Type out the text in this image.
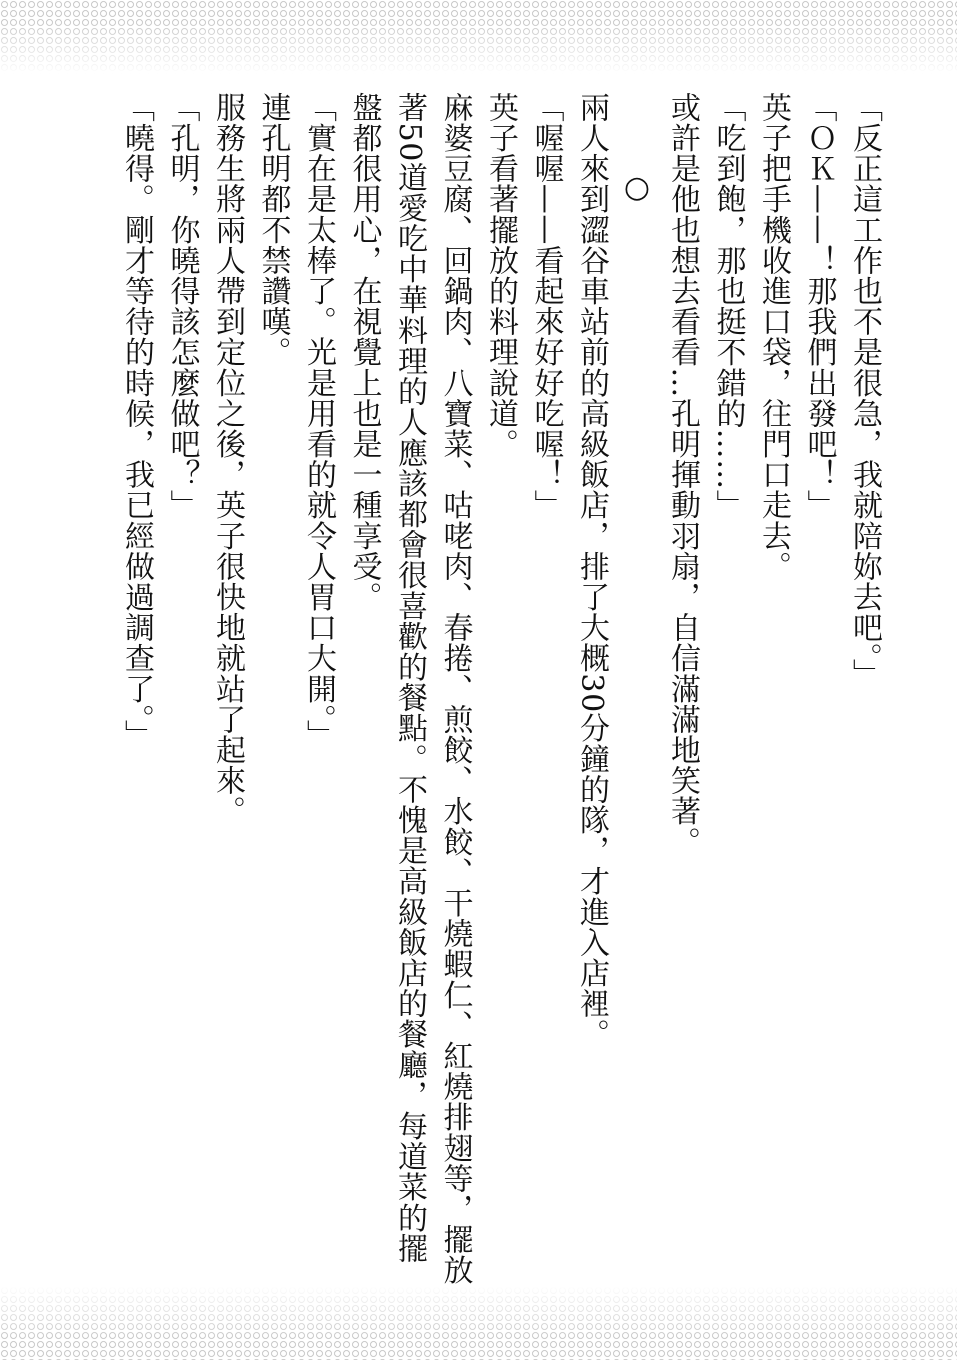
「反正這工作也不是很急，我就陪妳去吧。」

「ＯＫ——！那我們出發吧！」

英子把手機收進口袋，往門口走去。

「吃到飽，那也挺不錯的……」

或許是他也想去看看…孔明揮動羽扇，自信滿滿地笑著。

○

兩人來到澀谷車站前的高級飯店，排了大概30分鐘的隊，才進入店裡。

「喔喔——看起來好好吃喔！」

英子看著擺放的料理說道。

麻婆豆腐、回鍋肉、八寶菜、咕咾肉、春捲、煎餃、水餃、干燒蝦仁、紅燒排翅等，擺放著50道愛吃中華料理的人應該都會很喜歡的餐點。不愧是高級飯店的餐廳，每道菜的擺盤都很用心，在視覺上也是一種享受。

「實在是太棒了。光是用看的就令人胃口大開。」

連孔明都不禁讚嘆。

服務生將兩人帶到定位之後，英子很快地就站了起來。

「孔明，你曉得該怎麼做吧？」

「曉得。剛才等待的時候，我已經做過調查了。」
